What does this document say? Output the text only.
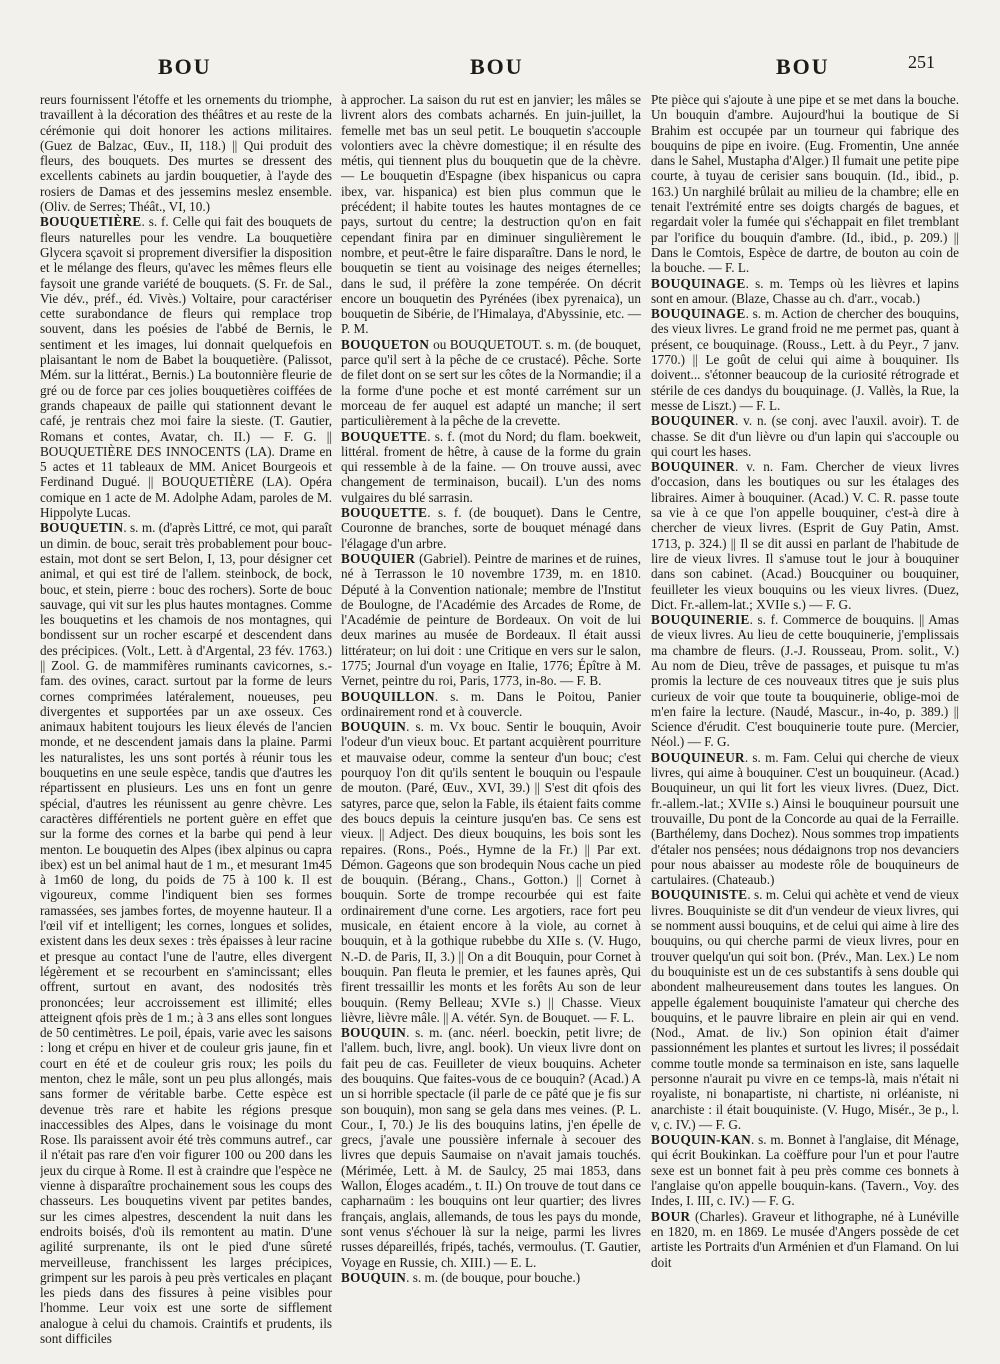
BOU	BOU	BOU	251

reurs fournissent l'étoffe et les ornements du triomphe, travaillent à la décoration des théâtres et au reste de la cérémonie qui doit honorer les actions militaires. (Guez de Balzac, Œuv., II, 118.) || Qui produit des fleurs, des bouquets. Des murtes se dressent des excellents cabinets au jardin bouquetier, à l'ayde des rosiers de Damas et des jessemins meslez ensemble. (Oliv. de Serres; Théât., VI, 10.)

BOUQUETIÈRE. s. f. Celle qui fait des bouquets de fleurs naturelles pour les vendre. La bouquetière Glycera sçavoit si proprement diversifier la disposition et le mélange des fleurs, qu'avec les mêmes fleurs elle faysoit une grande variété de bouquets. (S. Fr. de Sal., Vie dév., préf., éd. Vivès.) Voltaire, pour caractériser cette surabondance de fleurs qui remplace trop souvent, dans les poésies de l'abbé de Bernis, le sentiment et les images, lui donnait quelquefois en plaisantant le nom de Babet la bouquetière. (Palissot, Mém. sur la littérat., Bernis.) La boutonnière fleurie de gré ou de force par ces jolies bouquetières coiffées de grands chapeaux de paille qui stationnent devant le café, je rentrais chez moi faire la sieste. (T. Gautier, Romans et contes, Avatar, ch. II.) — F. G. || BOUQUETIÈRE DES INNOCENTS (LA). Drame en 5 actes et 11 tableaux de MM. Anicet Bourgeois et Ferdinand Dugué. || BOUQUETIÈRE (LA). Opéra comique en 1 acte de M. Adolphe Adam, paroles de M. Hippolyte Lucas.

BOUQUETIN. s. m. (d'après Littré, ce mot, qui paraît un dimin. de bouc, serait très probablement pour bouc-estain, mot dont se sert Belon, I, 13, pour désigner cet animal, et qui est tiré de l'allem. steinbock, de bock, bouc, et stein, pierre : bouc des rochers). Sorte de bouc sauvage, qui vit sur les plus hautes montagnes. Comme les bouquetins et les chamois de nos montagnes, qui bondissent sur un rocher escarpé et descendent dans des précipices. (Volt., Lett. à d'Argental, 23 fév. 1763.) || Zool. G. de mammifères ruminants cavicornes, s.-fam. des ovines, caract. surtout par la forme de leurs cornes comprimées latéralement, noueuses, peu divergentes et supportées par un axe osseux. Ces animaux habitent toujours les lieux élevés de l'ancien monde, et ne descendent jamais dans la plaine. Parmi les naturalistes, les uns sont portés à réunir tous les bouquetins en une seule espèce, tandis que d'autres les répartissent en plusieurs. Les uns en font un genre spécial, d'autres les réunissent au genre chèvre. Les caractères différentiels ne portent guère en effet que sur la forme des cornes et la barbe qui pend à leur menton. Le bouquetin des Alpes (ibex alpinus ou capra ibex) est un bel animal haut de 1 m., et mesurant 1m45 à 1m60 de long, du poids de 75 à 100 k. Il est vigoureux, comme l'indiquent bien ses formes ramassées, ses jambes fortes, de moyenne hauteur. Il a l'œil vif et intelligent; les cornes, longues et solides, existent dans les deux sexes : très épaisses à leur racine et presque au contact l'une de l'autre, elles divergent légèrement et se recourbent en s'amincissant; elles offrent, surtout en avant, des nodosités très prononcées; leur accroissement est illimité; elles atteignent qfois près de 1 m.; à 3 ans elles sont longues de 50 centimètres. Le poil, épais, varie avec les saisons : long et crépu en hiver et de couleur gris jaune, fin et court en été et de couleur gris roux; les poils du menton, chez le mâle, sont un peu plus allongés, mais sans former de véritable barbe. Cette espèce est devenue très rare et habite les régions presque inaccessibles des Alpes, dans le voisinage du mont Rose. Ils paraissent avoir été très communs autref., car il n'était pas rare d'en voir figurer 100 ou 200 dans les jeux du cirque à Rome. Il est à craindre que l'espèce ne vienne à disparaître prochainement sous les coups des chasseurs. Les bouquetins vivent par petites bandes, sur les cimes alpestres, descendent la nuit dans les endroits boisés, d'où ils remontent au matin. D'une agilité surprenante, ils ont le pied d'une sûreté merveilleuse, franchissent les larges précipices, grimpent sur les parois à peu près verticales en plaçant les pieds dans des fissures à peine visibles pour l'homme. Leur voix est une sorte de sifflement analogue à celui du chamois. Craintifs et prudents, ils sont difficiles

à approcher. La saison du rut est en janvier; les mâles se livrent alors des combats acharnés. En juin-juillet, la femelle met bas un seul petit. Le bouquetin s'accouple volontiers avec la chèvre domestique; il en résulte des métis, qui tiennent plus du bouquetin que de la chèvre. — Le bouquetin d'Espagne (ibex hispanicus ou capra ibex, var. hispanica) est bien plus commun que le précédent; il habite toutes les hautes montagnes de ce pays, surtout du centre; la destruction qu'on en fait cependant finira par en diminuer singulièrement le nombre, et peut-être le faire disparaître. Dans le nord, le bouquetin se tient au voisinage des neiges éternelles; dans le sud, il préfère la zone tempérée. On décrit encore un bouquetin des Pyrénées (ibex pyrenaica), un bouquetin de Sibérie, de l'Himalaya, d'Abyssinie, etc. — P. M.

BOUQUETON ou BOUQUETOUT. s. m. (de bouquet, parce qu'il sert à la pêche de ce crustacé). Pêche. Sorte de filet dont on se sert sur les côtes de la Normandie; il a la forme d'une poche et est monté carrément sur un morceau de fer auquel est adapté un manche; il sert particulièrement à la pêche de la crevette.

BOUQUETTE. s. f. (mot du Nord; du flam. boekweit, littéral. froment de hêtre, à cause de la forme du grain qui ressemble à de la faine. — On trouve aussi, avec changement de terminaison, bucail). L'un des noms vulgaires du blé sarrasin.

BOUQUETTE. s. f. (de bouquet). Dans le Centre, Couronne de branches, sorte de bouquet ménagé dans l'élagage d'un arbre.

BOUQUIER (Gabriel). Peintre de marines et de ruines, né à Terrasson le 10 novembre 1739, m. en 1810. Député à la Convention nationale; membre de l'Institut de Boulogne, de l'Académie des Arcades de Rome, de l'Académie de peinture de Bordeaux. On voit de lui deux marines au musée de Bordeaux. Il était aussi littérateur; on lui doit : une Critique en vers sur le salon, 1775; Journal d'un voyage en Italie, 1776; Épître à M. Vernet, peintre du roi, Paris, 1773, in-8o. — F. B.

BOUQUILLON. s. m. Dans le Poitou, Panier ordinairement rond et à couvercle.

BOUQUIN. s. m. Vx bouc. Sentir le bouquin, Avoir l'odeur d'un vieux bouc. Et partant acquièrent pourriture et mauvaise odeur, comme la senteur d'un bouc; c'est pourquoy l'on dit qu'ils sentent le bouquin ou l'espaule de mouton. (Paré, Œuv., XVI, 39.) || S'est dit qfois des satyres, parce que, selon la Fable, ils étaient faits comme des boucs depuis la ceinture jusqu'en bas. Ce sens est vieux. || Adject. Des dieux bouquins, les bois sont les repaires. (Rons., Poés., Hymne de la Fr.) || Par ext. Démon. Gageons que son brodequin Nous cache un pied de bouquin. (Bérang., Chans., Gotton.) || Cornet à bouquin. Sorte de trompe recourbée qui est faite ordinairement d'une corne. Les argotiers, race fort peu musicale, en étaient encore à la viole, au cornet à bouquin, et à la gothique rubebbe du XIIe s. (V. Hugo, N.-D. de Paris, II, 3.) || On a dit Bouquin, pour Cornet à bouquin. Pan fleuta le premier, et les faunes après, Qui firent tressaillir les monts et les forêts Au son de leur bouquin. (Remy Belleau; XVIe s.) || Chasse. Vieux lièvre, lièvre mâle. || A. vétér. Syn. de Bouquet. — F. L.

BOUQUIN. s. m. (anc. néerl. boeckin, petit livre; de l'allem. buch, livre, angl. book). Un vieux livre dont on fait peu de cas. Feuilleter de vieux bouquins. Acheter des bouquins. Que faites-vous de ce bouquin? (Acad.) A un si horrible spectacle (il parle de ce pâté que je fis sur son bouquin), mon sang se gela dans mes veines. (P. L. Cour., I, 70.) Je lis des bouquins latins, j'en épelle de grecs, j'avale une poussière infernale à secouer des livres que depuis Saumaise on n'avait jamais touchés. (Mérimée, Lett. à M. de Saulcy, 25 mai 1853, dans Wallon, Éloges académ., t. II.) On trouve de tout dans ce capharnaüm : les bouquins ont leur quartier; des livres français, anglais, allemands, de tous les pays du monde, sont venus s'échouer là sur la neige, parmi les livres russes dépareillés, fripés, tachés, vermoulus. (T. Gautier, Voyage en Russie, ch. XIII.) — E. L.

BOUQUIN. s. m. (de bouque, pour bouche.)

Pte pièce qui s'ajoute à une pipe et se met dans la bouche. Un bouquin d'ambre. Aujourd'hui la boutique de Si Brahim est occupée par un tourneur qui fabrique des bouquins de pipe en ivoire. (Eug. Fromentin, Une année dans le Sahel, Mustapha d'Alger.) Il fumait une petite pipe courte, à tuyau de cerisier sans bouquin. (Id., ibid., p. 163.) Un narghilé brûlait au milieu de la chambre; elle en tenait l'extrémité entre ses doigts chargés de bagues, et regardait voler la fumée qui s'échappait en filet tremblant par l'orifice du bouquin d'ambre. (Id., ibid., p. 209.) || Dans le Comtois, Espèce de dartre, de bouton au coin de la bouche. — F. L.

BOUQUINAGE. s. m. Temps où les lièvres et lapins sont en amour. (Blaze, Chasse au ch. d'arr., vocab.)

BOUQUINAGE. s. m. Action de chercher des bouquins, des vieux livres. Le grand froid ne me permet pas, quant à présent, ce bouquinage. (Rouss., Lett. à du Peyr., 7 janv. 1770.) || Le goût de celui qui aime à bouquiner. Ils doivent... s'étonner beaucoup de la curiosité rétrograde et stérile de ces dandys du bouquinage. (J. Vallès, la Rue, la messe de Liszt.) — F. L.

BOUQUINER. v. n. (se conj. avec l'auxil. avoir). T. de chasse. Se dit d'un lièvre ou d'un lapin qui s'accouple ou qui court les hases.

BOUQUINER. v. n. Fam. Chercher de vieux livres d'occasion, dans les boutiques ou sur les étalages des libraires. Aimer à bouquiner. (Acad.) V. C. R. passe toute sa vie à ce que l'on appelle bouquiner, c'est-à dire à chercher de vieux livres. (Esprit de Guy Patin, Amst. 1713, p. 324.) || Il se dit aussi en parlant de l'habitude de lire de vieux livres. Il s'amuse tout le jour à bouquiner dans son cabinet. (Acad.) Boucquiner ou bouquiner, feuilleter les vieux bouquins ou les vieux livres. (Duez, Dict. Fr.-allem-lat.; XVIIe s.) — F. G.

BOUQUINERIE. s. f. Commerce de bouquins. || Amas de vieux livres. Au lieu de cette bouquinerie, j'emplissais ma chambre de fleurs. (J.-J. Rousseau, Prom. solit., V.) Au nom de Dieu, trêve de passages, et puisque tu m'as promis la lecture de ces nouveaux titres que je suis plus curieux de voir que toute ta bouquinerie, oblige-moi de m'en faire la lecture. (Naudé, Mascur., in-4o, p. 389.) || Science d'érudit. C'est bouquinerie toute pure. (Mercier, Néol.) — F. G.

BOUQUINEUR. s. m. Fam. Celui qui cherche de vieux livres, qui aime à bouquiner. C'est un bouquineur. (Acad.) Bouquineur, un qui lit fort les vieux livres. (Duez, Dict. fr.-allem.-lat.; XVIIe s.) Ainsi le bouquineur poursuit une trouvaille, Du pont de la Concorde au quai de la Ferraille. (Barthélemy, dans Dochez). Nous sommes trop impatients d'étaler nos pensées; nous dédaignons trop nos devanciers pour nous abaisser au modeste rôle de bouquineurs de cartulaires. (Chateaub.)

BOUQUINISTE. s. m. Celui qui achète et vend de vieux livres. Bouquiniste se dit d'un vendeur de vieux livres, qui se nomment aussi bouquins, et de celui qui aime à lire des bouquins, ou qui cherche parmi de vieux livres, pour en trouver quelqu'un qui soit bon. (Prév., Man. Lex.) Le nom du bouquiniste est un de ces substantifs à sens double qui abondent malheureusement dans toutes les langues. On appelle également bouquiniste l'amateur qui cherche des bouquins, et le pauvre libraire en plein air qui en vend. (Nod., Amat. de liv.) Son opinion était d'aimer passionnément les plantes et surtout les livres; il possédait comme toutle monde sa terminaison en iste, sans laquelle personne n'aurait pu vivre en ce temps-là, mais n'était ni royaliste, ni bonapartiste, ni chartiste, ni orléaniste, ni anarchiste : il était bouquiniste. (V. Hugo, Misér., 3e p., l. v, c. IV.) — F. G.

BOUQUIN-KAN. s. m. Bonnet à l'anglaise, dit Ménage, qui écrit Boukinkan. La coëffure pour l'un et pour l'autre sexe est un bonnet fait à peu près comme ces bonnets à l'anglaise qu'on appelle bouquin-kans. (Tavern., Voy. des Indes, I. III, c. IV.) — F. G.

BOUR (Charles). Graveur et lithographe, né à Lunéville en 1820, m. en 1869. Le musée d'Angers possède de cet artiste les Portraits d'un Arménien et d'un Flamand. On lui doit
